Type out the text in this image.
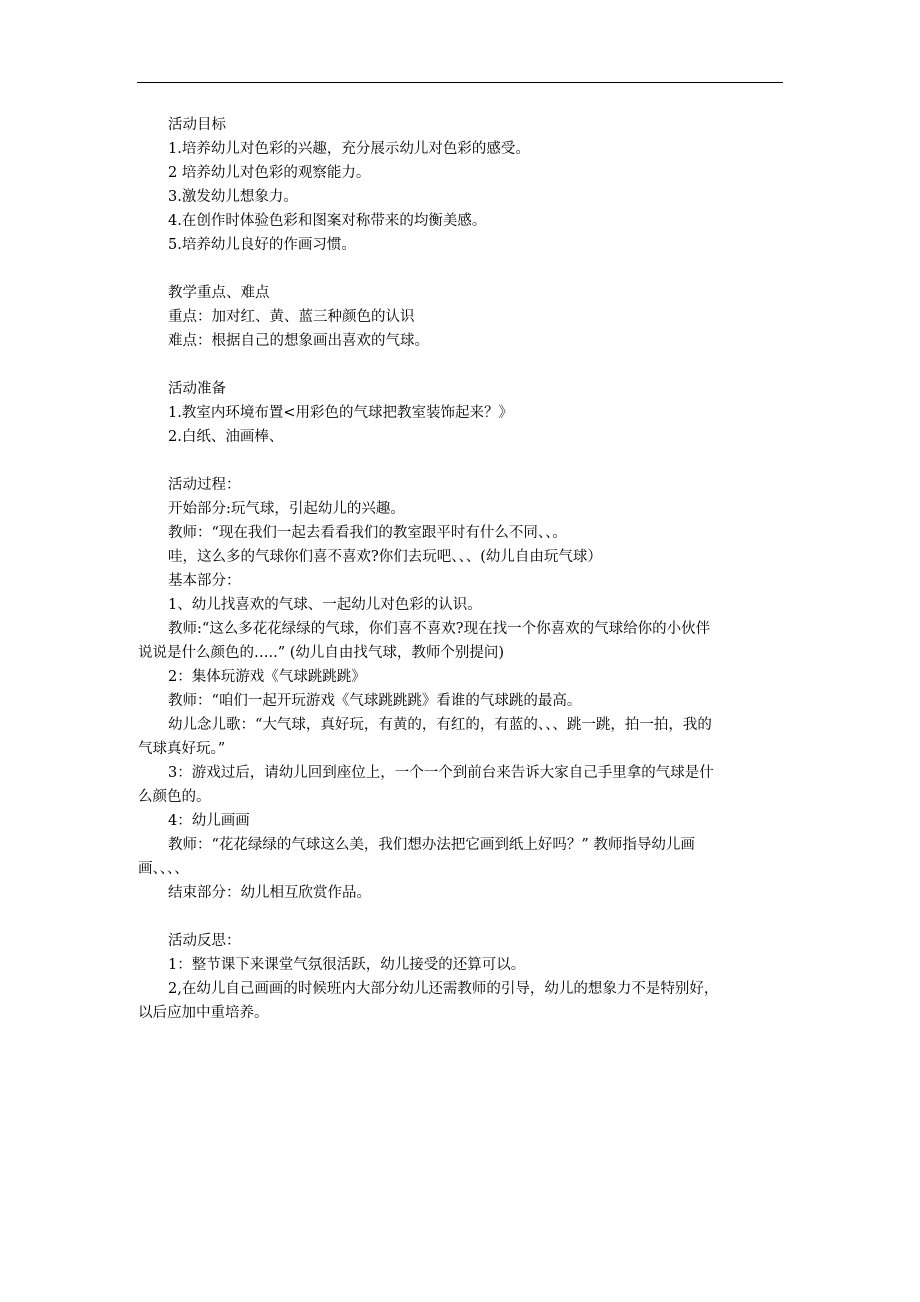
活动目标
1.培养幼儿对色彩的兴趣，充分展示幼儿对色彩的感受。
2 培养幼儿对色彩的观察能力。
3.激发幼儿想象力。
4.在创作时体验色彩和图案对称带来的均衡美感。
5.培养幼儿良好的作画习惯。
教学重点、难点
重点：加对红、黄、蓝三种颜色的认识
难点：根据自己的想象画出喜欢的气球。
活动准备
1.教室内环境布置<用彩色的气球把教室装饰起来？》
2.白纸、油画棒、
活动过程：
开始部分:玩气球，引起幼儿的兴趣。
教师：“现在我们一起去看看我们的教室跟平时有什么不同、、。
哇，这么多的气球你们喜不喜欢?你们去玩吧、、、(幼儿自由玩气球）
基本部分：
1、幼儿找喜欢的气球、一起幼儿对色彩的认识。
教师:“这么多花花绿绿的气球，你们喜不喜欢?现在找一个你喜欢的气球给你的小伙伴
说说是什么颜色的…..” (幼儿自由找气球，教师个别提问)
2：集体玩游戏《气球跳跳跳》
教师：“咱们一起开玩游戏《气球跳跳跳》看谁的气球跳的最高。
幼儿念儿歌：“大气球，真好玩，有黄的，有红的，有蓝的、、、跳一跳，拍一拍，我的
气球真好玩。”
3：游戏过后，请幼儿回到座位上，一个一个到前台来告诉大家自己手里拿的气球是什
么颜色的。
4：幼儿画画
教师：“花花绿绿的气球这么美，我们想办法把它画到纸上好吗？” 教师指导幼儿画
画、、、、
结束部分：幼儿相互欣赏作品。
活动反思：
1：整节课下来课堂气氛很活跃，幼儿接受的还算可以。
2,在幼儿自己画画的时候班内大部分幼儿还需教师的引导，幼儿的想象力不是特别好，
以后应加中重培养。
